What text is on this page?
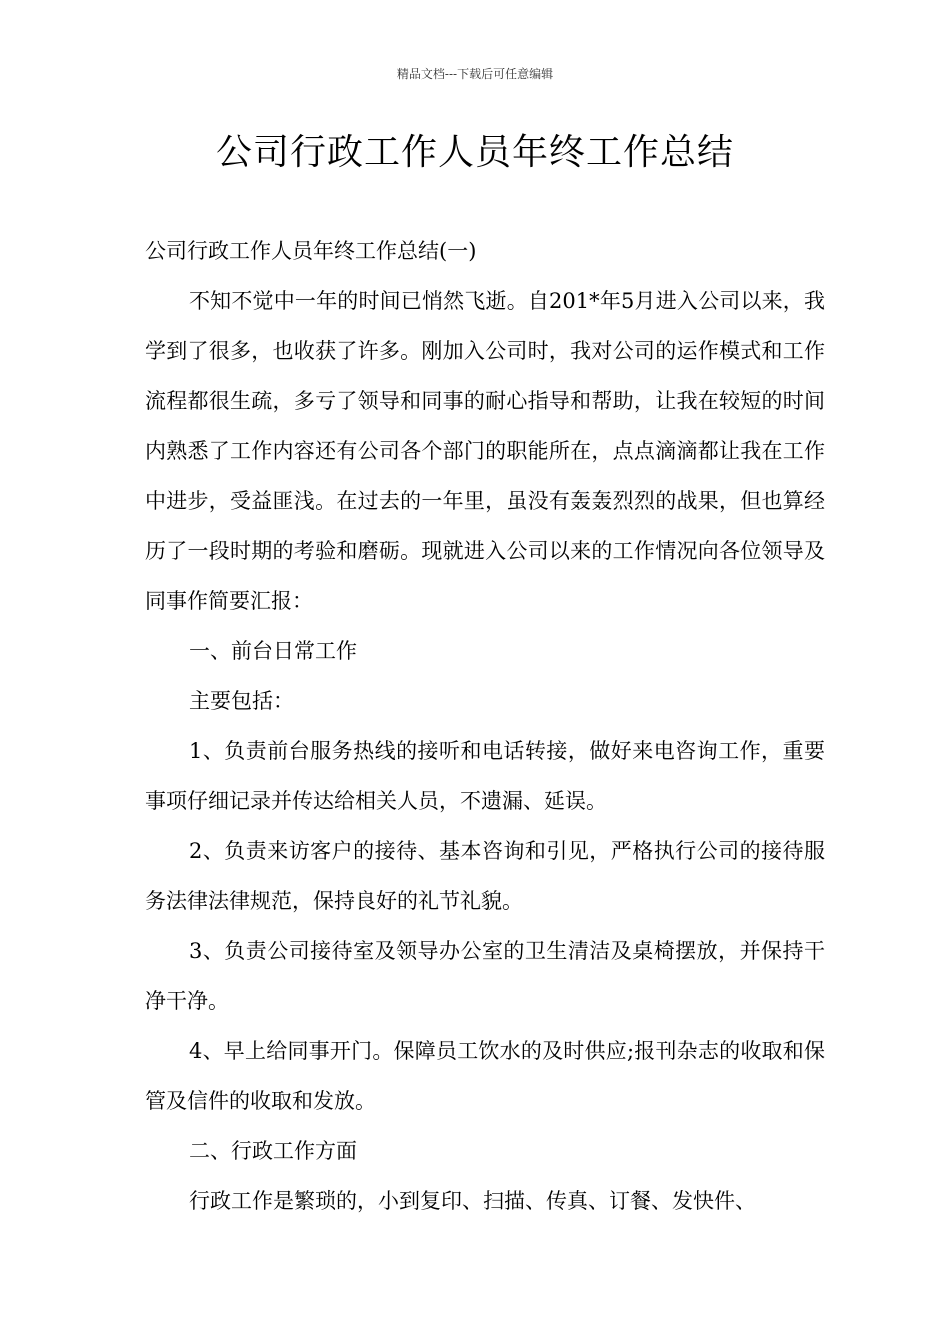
精品文档---下载后可任意编辑
公司行政工作人员年终工作总结

公司行政工作人员年终工作总结(一)

不知不觉中一年的时间已悄然飞逝。自201*年5月进入公司以来，我学到了很多，也收获了许多。刚加入公司时，我对公司的运作模式和工作流程都很生疏，多亏了领导和同事的耐心指导和帮助，让我在较短的时间内熟悉了工作内容还有公司各个部门的职能所在，点点滴滴都让我在工作中进步，受益匪浅。在过去的一年里，虽没有轰轰烈烈的战果，但也算经历了一段时期的考验和磨砺。现就进入公司以来的工作情况向各位领导及同事作简要汇报：

一、前台日常工作

主要包括：

1、负责前台服务热线的接听和电话转接，做好来电咨询工作，重要事项仔细记录并传达给相关人员，不遗漏、延误。

2、负责来访客户的接待、基本咨询和引见，严格执行公司的接待服务法律法律规范，保持良好的礼节礼貌。

3、负责公司接待室及领导办公室的卫生清洁及桌椅摆放，并保持干净干净。

4、早上给同事开门。保障员工饮水的及时供应;报刊杂志的收取和保管及信件的收取和发放。

二、行政工作方面

行政工作是繁琐的，小到复印、扫描、传真、订餐、发快件、
